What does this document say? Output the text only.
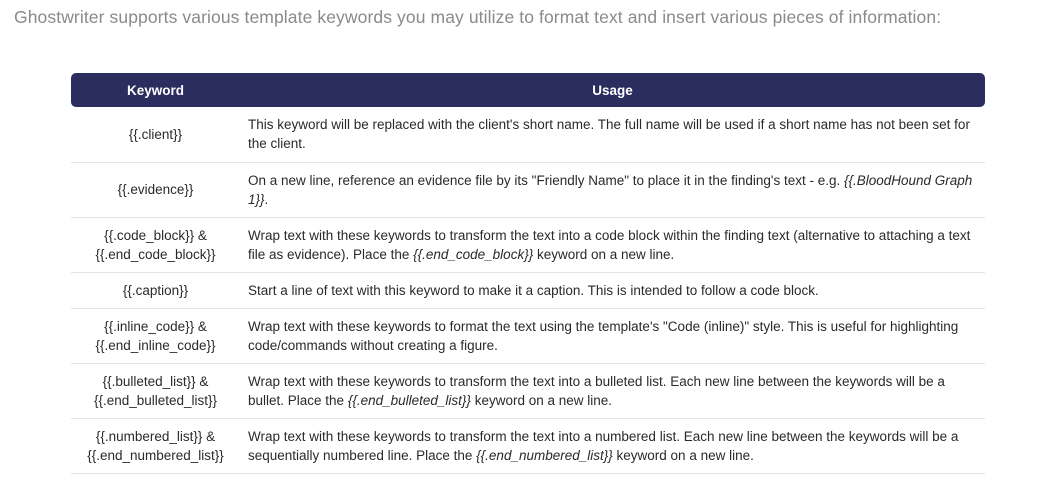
Ghostwriter supports various template keywords you may utilize to format text and insert various pieces of information:
Keyword	Usage

{{.client}}	This keyword will be replaced with the client's short name. The full name will be used if a short name has not been set for the client.

{{.evidence}}	On a new line, reference an evidence file by its "Friendly Name" to place it in the finding's text - e.g. {{.BloodHound Graph 1}}.

{{.code_block}} &
{{.end_code_block}}	Wrap text with these keywords to transform the text into a code block within the finding text (alternative to attaching a text file as evidence). Place the {{.end_code_block}} keyword on a new line.

{{.caption}}	Start a line of text with this keyword to make it a caption. This is intended to follow a code block.

{{.inline_code}} &
{{.end_inline_code}}	Wrap text with these keywords to format the text using the template's "Code (inline)" style. This is useful for highlighting code/commands without creating a figure.

{{.bulleted_list}} &
{{.end_bulleted_list}}	Wrap text with these keywords to transform the text into a bulleted list. Each new line between the keywords will be a bullet. Place the {{.end_bulleted_list}} keyword on a new line.

{{.numbered_list}} &
{{.end_numbered_list}}	Wrap text with these keywords to transform the text into a numbered list. Each new line between the keywords will be a sequentially numbered line. Place the {{.end_numbered_list}} keyword on a new line.
